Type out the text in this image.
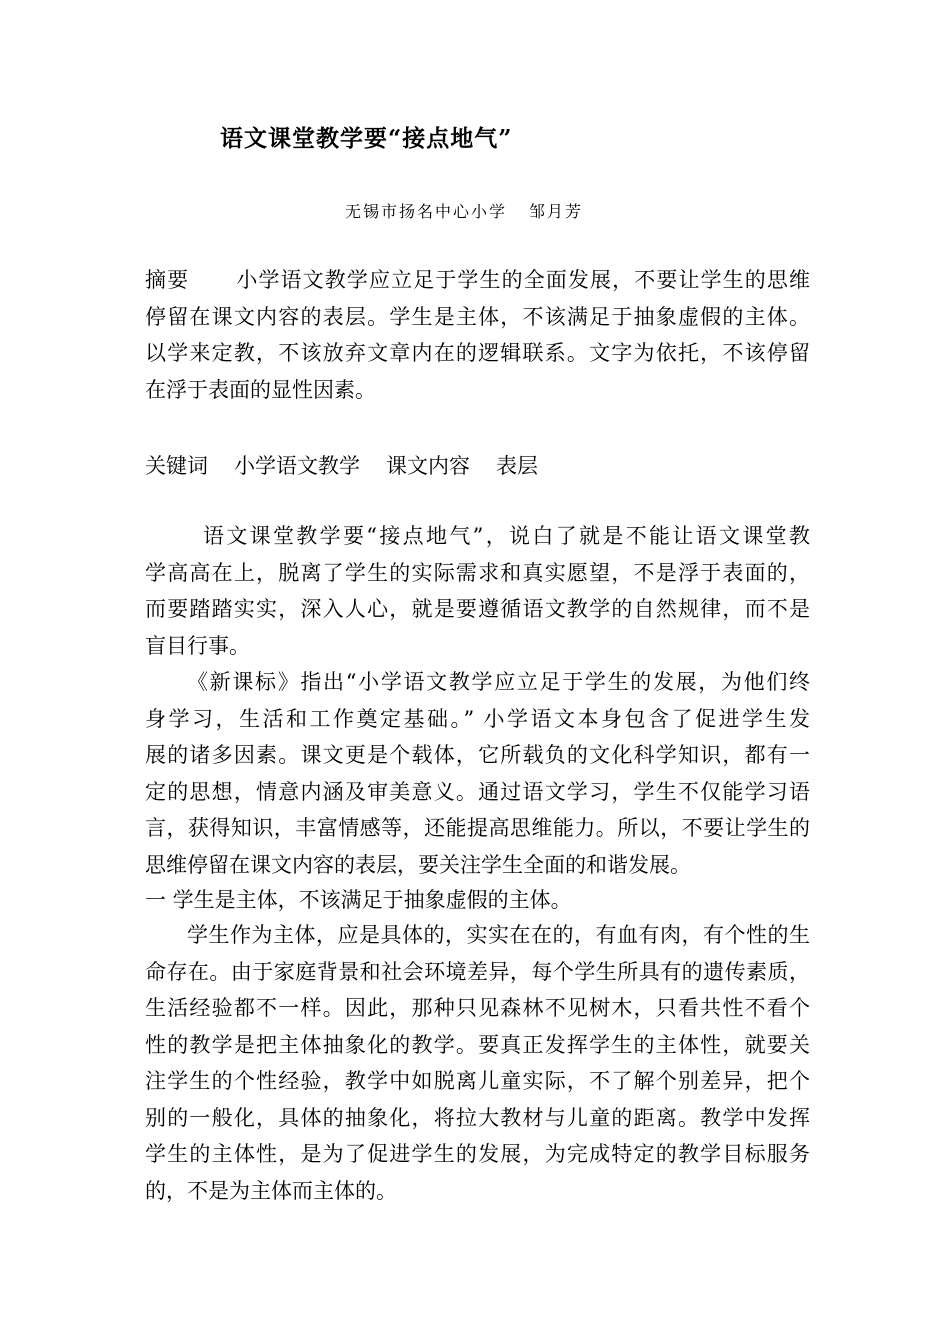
语文课堂教学要“接点地气”
无锡市扬名中心小学 邹月芳
摘要 小学语文教学应立足于学生的全面发展，不要让学生的思维
停留在课文内容的表层。学生是主体，不该满足于抽象虚假的主体。
以学来定教，不该放弃文章内在的逻辑联系。文字为依托，不该停留
在浮于表面的显性因素。
关键词 小学语文教学 课文内容 表层
语文课堂教学要“接点地气”，说白了就是不能让语文课堂教
学高高在上，脱离了学生的实际需求和真实愿望，不是浮于表面的，
而要踏踏实实，深入人心，就是要遵循语文教学的自然规律，而不是
盲目行事。
《新课标》指出“小学语文教学应立足于学生的发展，为他们终
身学习，生活和工作奠定基础。” 小学语文本身包含了促进学生发
展的诸多因素。课文更是个载体，它所载负的文化科学知识，都有一
定的思想，情意内涵及审美意义。通过语文学习，学生不仅能学习语
言，获得知识，丰富情感等，还能提高思维能力。所以，不要让学生的
思维停留在课文内容的表层，要关注学生全面的和谐发展。
一 学生是主体，不该满足于抽象虚假的主体。
学生作为主体，应是具体的，实实在在的，有血有肉，有个性的生
命存在。由于家庭背景和社会环境差异，每个学生所具有的遗传素质，
生活经验都不一样。因此，那种只见森林不见树木，只看共性不看个
性的教学是把主体抽象化的教学。要真正发挥学生的主体性，就要关
注学生的个性经验，教学中如脱离儿童实际，不了解个别差异，把个
别的一般化，具体的抽象化，将拉大教材与儿童的距离。教学中发挥
学生的主体性，是为了促进学生的发展，为完成特定的教学目标服务
的，不是为主体而主体的。
